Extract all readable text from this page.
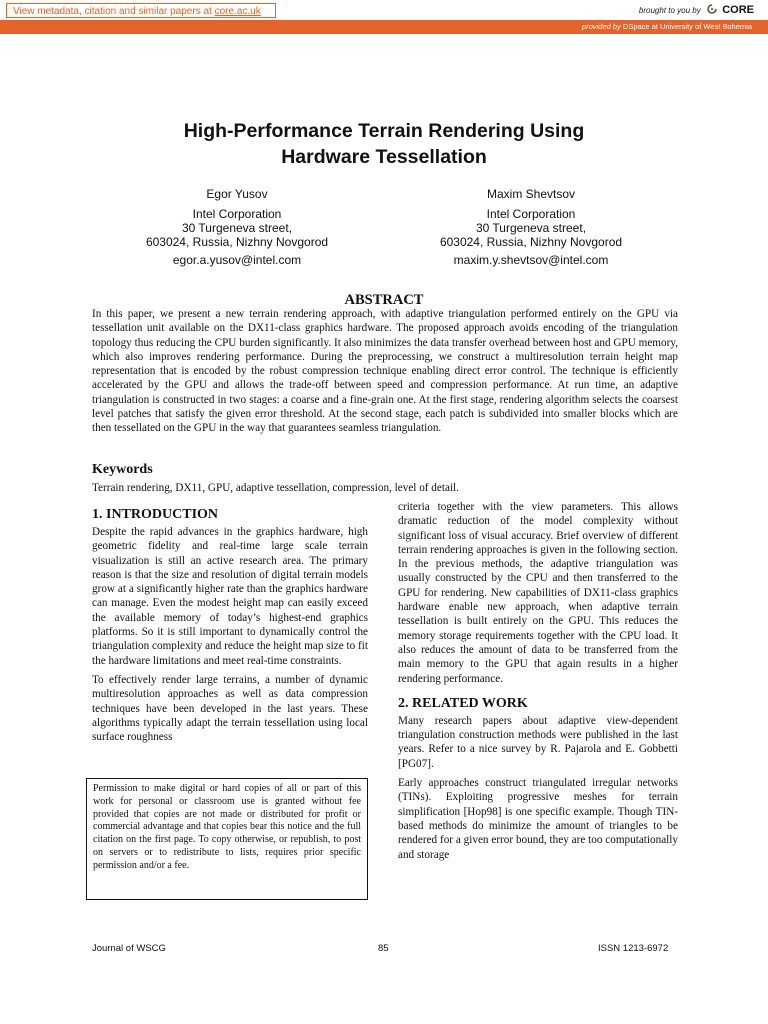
View metadata, citation and similar papers at core.ac.uk	brought to you by CORE
provided by DSpace at University of West Bohemia
High-Performance Terrain Rendering Using
Hardware Tessellation
Egor Yusov
Intel Corporation
30 Turgeneva street,
603024, Russia, Nizhny Novgorod
egor.a.yusov@intel.com
Maxim Shevtsov
Intel Corporation
30 Turgeneva street,
603024, Russia, Nizhny Novgorod
maxim.y.shevtsov@intel.com
ABSTRACT

In this paper, we present a new terrain rendering approach, with adaptive triangulation performed entirely on the GPU via tessellation unit available on the DX11-class graphics hardware. The proposed approach avoids encoding of the triangulation topology thus reducing the CPU burden significantly. It also minimizes the data transfer overhead between host and GPU memory, which also improves rendering performance. During the preprocessing, we construct a multiresolution terrain height map representation that is encoded by the robust compression technique enabling direct error control. The technique is efficiently accelerated by the GPU and allows the trade-off between speed and compression performance. At run time, an adaptive triangulation is constructed in two stages: a coarse and a fine-grain one. At the first stage, rendering algorithm selects the coarsest level patches that satisfy the given error threshold. At the second stage, each patch is subdivided into smaller blocks which are then tessellated on the GPU in the way that guarantees seamless triangulation.

Keywords

Terrain rendering, DX11, GPU, adaptive tessellation, compression, level of detail.

1. INTRODUCTION

Despite the rapid advances in the graphics hardware, high geometric fidelity and real-time large scale terrain visualization is still an active research area. The primary reason is that the size and resolution of digital terrain models grow at a significantly higher rate than the graphics hardware can manage. Even the modest height map can easily exceed the available memory of today’s highest-end graphics platforms. So it is still important to dynamically control the triangulation complexity and reduce the height map size to fit the hardware limitations and meet real-time constraints.

To effectively render large terrains, a number of dynamic multiresolution approaches as well as data compression techniques have been developed in the last years. These algorithms typically adapt the terrain tessellation using local surface roughness

Permission to make digital or hard copies of all or part of this work for personal or classroom use is granted without fee provided that copies are not made or distributed for profit or commercial advantage and that copies bear this notice and the full citation on the first page. To copy otherwise, or republish, to post on servers or to redistribute to lists, requires prior specific permission and/or a fee.

criteria together with the view parameters. This allows dramatic reduction of the model complexity without significant loss of visual accuracy. Brief overview of different terrain rendering approaches is given in the following section. In the previous methods, the adaptive triangulation was usually constructed by the CPU and then transferred to the GPU for rendering. New capabilities of DX11-class graphics hardware enable new approach, when adaptive terrain tessellation is built entirely on the GPU. This reduces the memory storage requirements together with the CPU load. It also reduces the amount of data to be transferred from the main memory to the GPU that again results in a higher rendering performance.

2. RELATED WORK

Many research papers about adaptive view-dependent triangulation construction methods were published in the last years. Refer to a nice survey by R. Pajarola and E. Gobbetti [PG07].

Early approaches construct triangulated irregular networks (TINs). Exploiting progressive meshes for terrain simplification [Hop98] is one specific example. Though TIN-based methods do minimize the amount of triangles to be rendered for a given error bound, they are too computationally and storage

Journal of WSCG	85	ISSN 1213-6972
